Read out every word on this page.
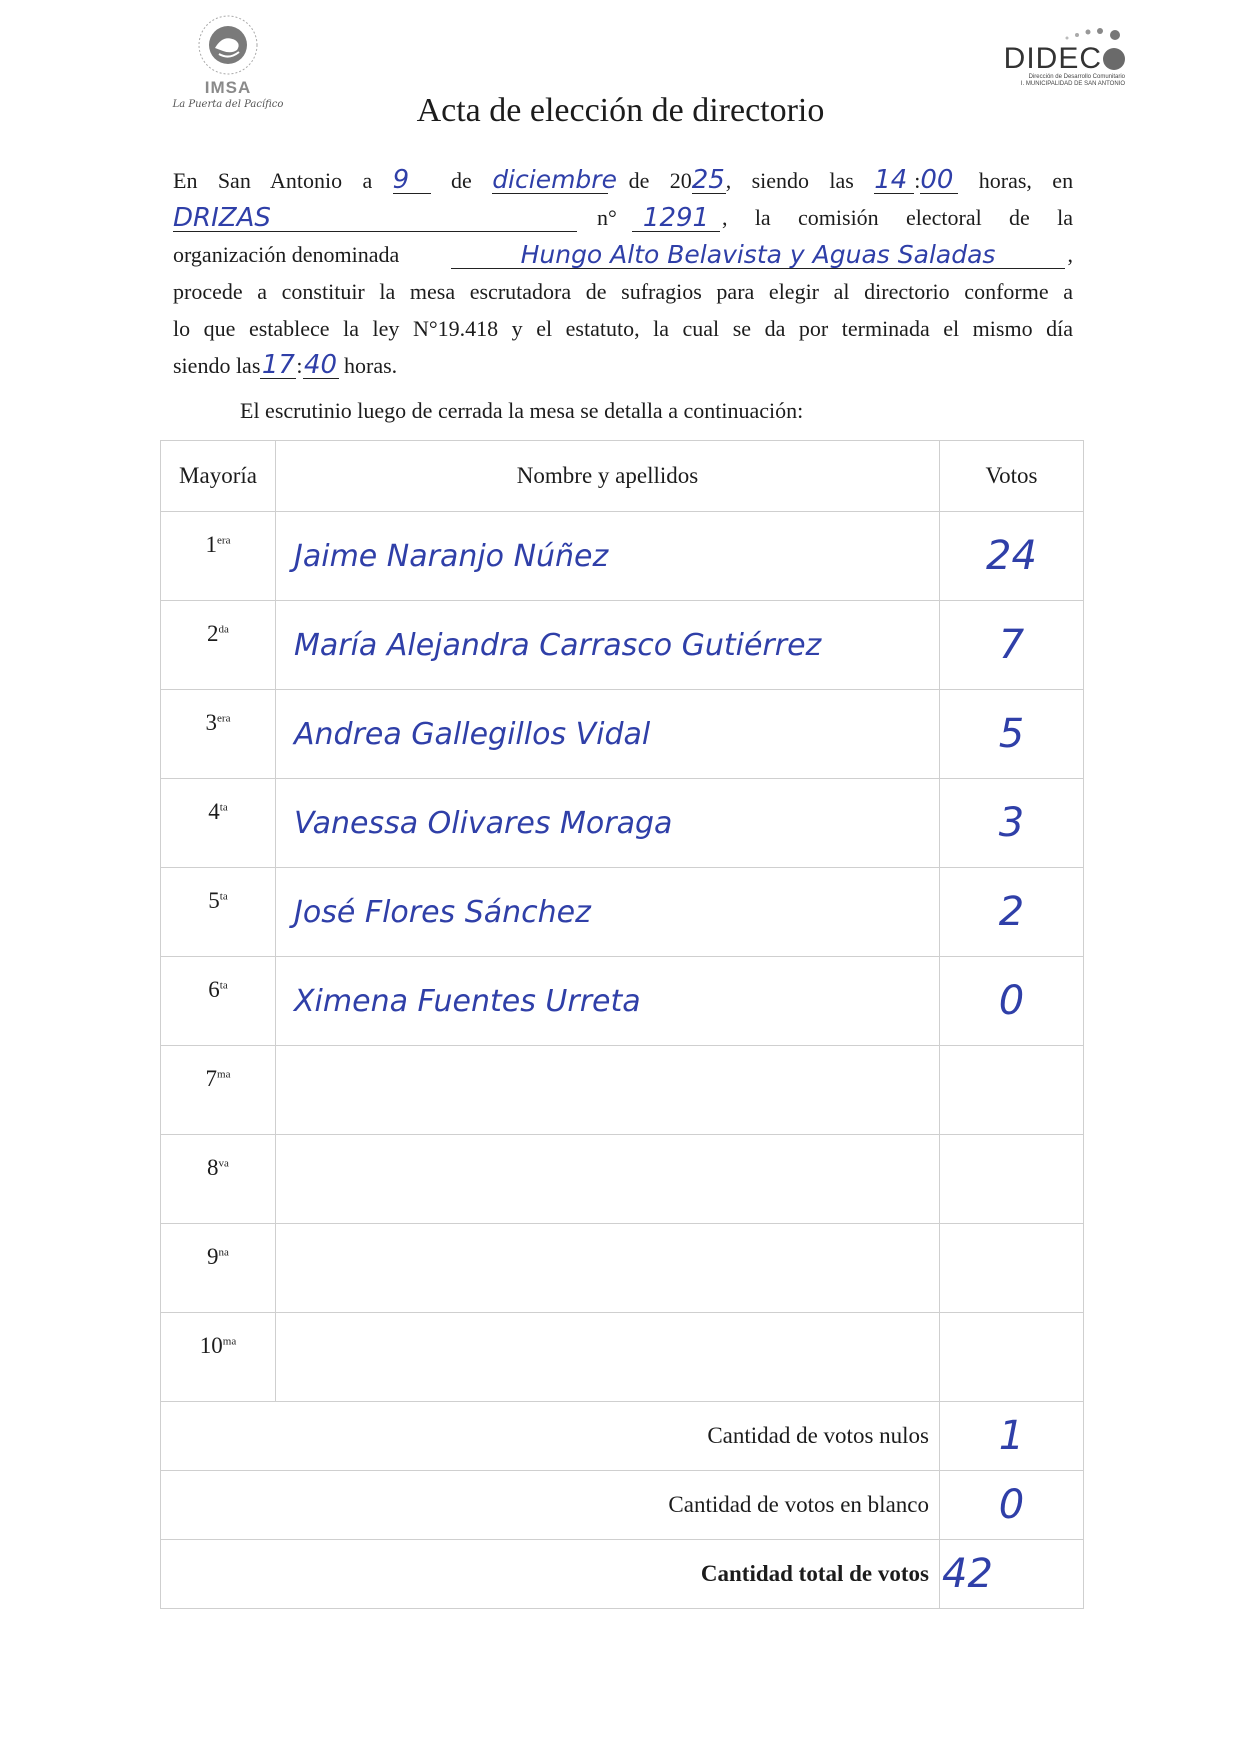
IMSA
La Puerta del Pacífico
DIDEC
Dirección de Desarrollo Comunitario
I. MUNICIPALIDAD DE SAN ANTONIO
Acta de elección de directorio
En San Antonio a 9 de diciembre de 2025, siendo las 14 :00 horas, en
DRIZAS	n°	1291 , la comisión electoral de la
organización denominada	Hungo Alto Belavista y Aguas Saladas	,
procede a constituir la mesa escrutadora de sufragios para elegir al directorio conforme a
lo que establece la ley N°19.418 y el estatuto, la cual se da por terminada el mismo día
siendo las17:40 horas.
El escrutinio luego de cerrada la mesa se detalla a continuación:
Mayoría	Nombre y apellidos	Votos
$1^{era}$	Jaime Naranjo Núñez	24
$2^{da}$	María Alejandra Carrasco Gutiérrez	7
$3^{era}$	Andrea Gallegillos Vidal	5
$4^{ta}$	Vanessa Olivares Moraga	3
$5^{ta}$	José Flores Sánchez	2
$6^{ta}$	Ximena Fuentes Urreta	0
$7^{ma}$		
$8^{va}$		
$9^{na}$		
$10^{ma}$		
Cantidad de votos nulos		1
Cantidad de votos en blanco		0
Cantidad total de votos		42
